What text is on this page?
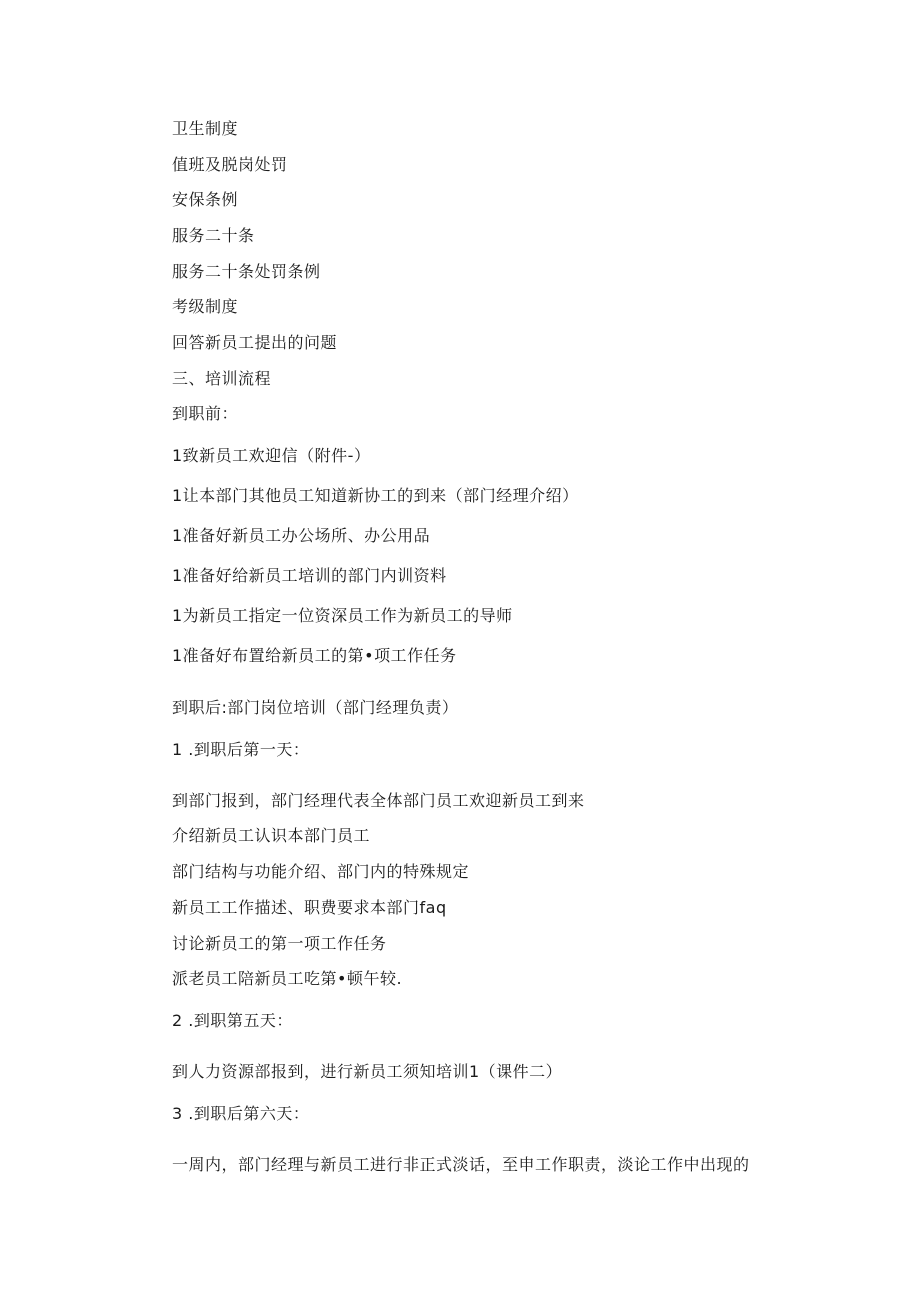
卫生制度
值班及脱岗处罚
安保条例
服务二十条
服务二十条处罚条例
考级制度
回答新员工提出的问题
三、培训流程
到职前：
1致新员工欢迎信（附件-）
1让本部门其他员工知道新协工的到来（部门经理介绍）
1准备好新员工办公场所、办公用品
1准备好给新员工培训的部门内训资料
1为新员工指定一位资深员工作为新员工的导师
1准备好布置给新员工的第•项工作任务
到职后:部门岗位培训（部门经理负责）
1 .到职后第一天：
到部门报到，部门经理代表全体部门员工欢迎新员工到来
介绍新员工认识本部门员工
部门结构与功能介绍、部门内的特殊规定
新员工工作描述、职费要求本部门faq
讨论新员工的第一项工作任务
派老员工陪新员工吃第•顿午较.
2 .到职第五天：
到人力资源部报到，进行新员工须知培训1（课件二）
3 .到职后第六天：
一周内，部门经理与新员工进行非正式淡话，至申工作职责，淡论工作中出现的
